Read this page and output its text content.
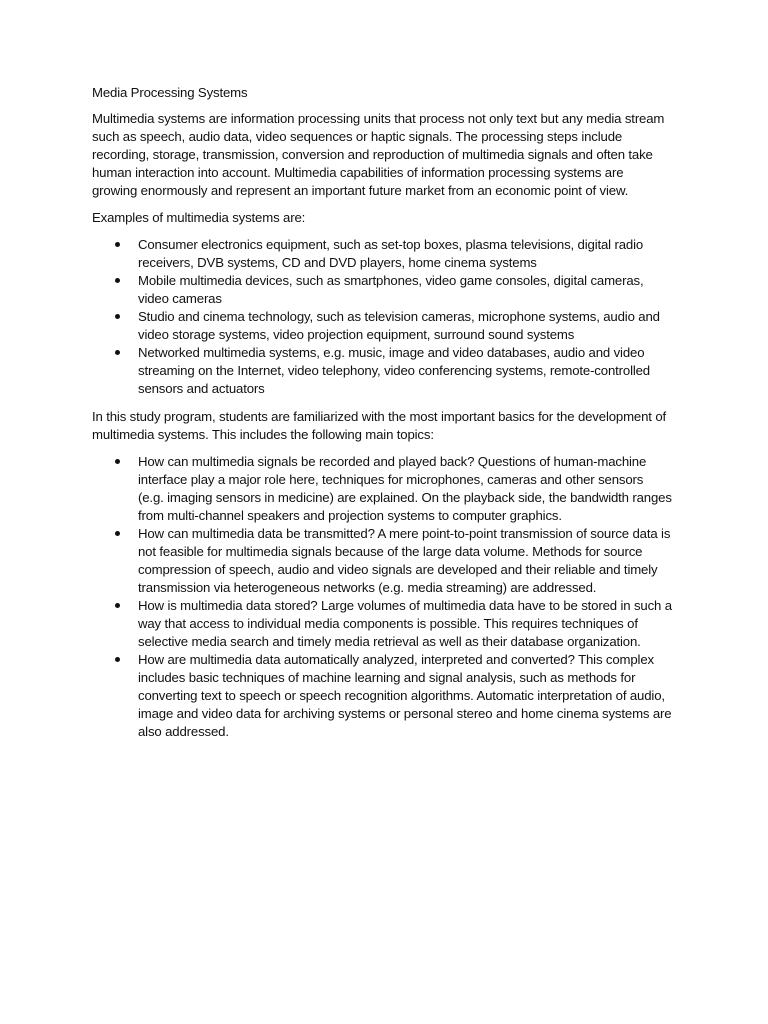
Media Processing Systems

Multimedia systems are information processing units that process not only text but any media stream such as speech, audio data, video sequences or haptic signals. The processing steps include recording, storage, transmission, conversion and reproduction of multimedia signals and often take human interaction into account. Multimedia capabilities of information processing systems are growing enormously and represent an important future market from an economic point of view.

Examples of multimedia systems are:

Consumer electronics equipment, such as set-top boxes, plasma televisions, digital radio receivers, DVB systems, CD and DVD players, home cinema systems
Mobile multimedia devices, such as smartphones, video game consoles, digital cameras, video cameras
Studio and cinema technology, such as television cameras, microphone systems, audio and video storage systems, video projection equipment, surround sound systems
Networked multimedia systems, e.g. music, image and video databases, audio and video streaming on the Internet, video telephony, video conferencing systems, remote-controlled sensors and actuators

In this study program, students are familiarized with the most important basics for the development of multimedia systems. This includes the following main topics:

How can multimedia signals be recorded and played back? Questions of human-machine interface play a major role here, techniques for microphones, cameras and other sensors (e.g. imaging sensors in medicine) are explained. On the playback side, the bandwidth ranges from multi-channel speakers and projection systems to computer graphics.
How can multimedia data be transmitted? A mere point-to-point transmission of source data is not feasible for multimedia signals because of the large data volume. Methods for source compression of speech, audio and video signals are developed and their reliable and timely transmission via heterogeneous networks (e.g. media streaming) are addressed.
How is multimedia data stored? Large volumes of multimedia data have to be stored in such a way that access to individual media components is possible. This requires techniques of selective media search and timely media retrieval as well as their database organization.
How are multimedia data automatically analyzed, interpreted and converted? This complex includes basic techniques of machine learning and signal analysis, such as methods for converting text to speech or speech recognition algorithms. Automatic interpretation of audio, image and video data for archiving systems or personal stereo and home cinema systems are also addressed.
